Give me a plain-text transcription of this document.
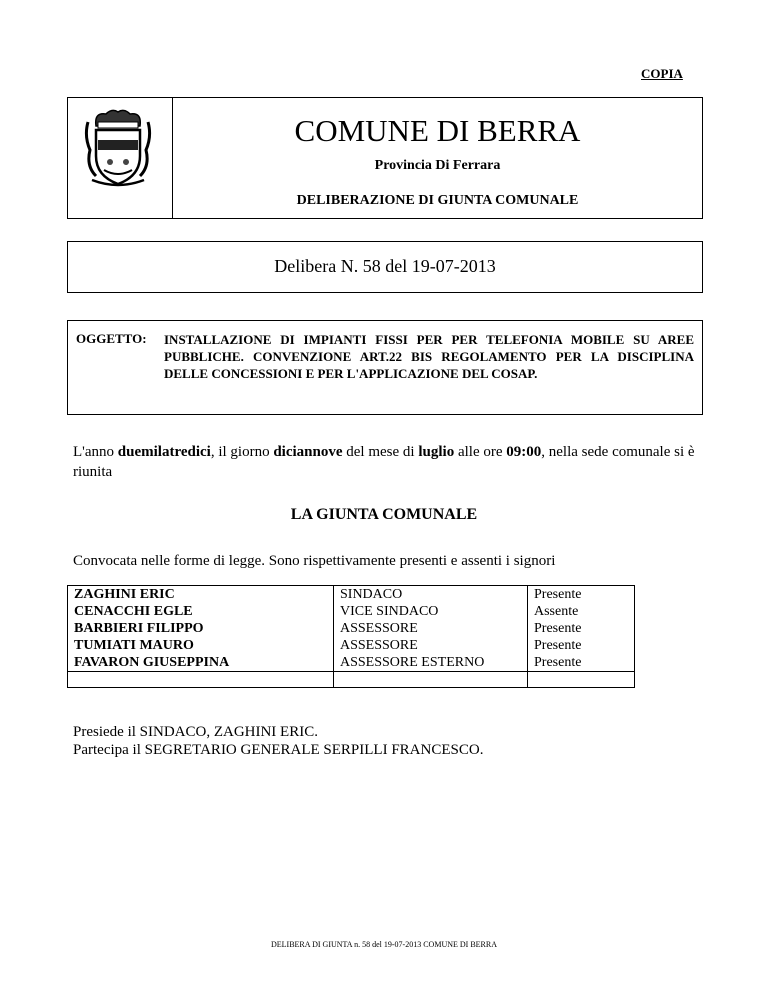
COPIA
COMUNE DI BERRA
Provincia Di Ferrara
DELIBERAZIONE DI GIUNTA COMUNALE
Delibera N. 58 del 19-07-2013
OGGETTO: INSTALLAZIONE DI IMPIANTI FISSI PER PER TELEFONIA MOBILE SU AREE PUBBLICHE. CONVENZIONE ART.22 BIS REGOLAMENTO PER LA DISCIPLINA DELLE CONCESSIONI E PER L'APPLICAZIONE DEL COSAP.
L'anno duemilatredici, il giorno diciannove del mese di luglio alle ore 09:00, nella sede comunale si è riunita
LA GIUNTA COMUNALE
Convocata nelle forme di legge. Sono rispettivamente presenti e assenti i signori
ZAGHINI ERIC	SINDACO	Presente
CENACCHI EGLE	VICE SINDACO	Assente
BARBIERI FILIPPO	ASSESSORE	Presente
TUMIATI MAURO	ASSESSORE	Presente
FAVARON GIUSEPPINA	ASSESSORE ESTERNO	Presente

Presiede il SINDACO, ZAGHINI ERIC.
Partecipa il SEGRETARIO GENERALE SERPILLI FRANCESCO.
DELIBERA DI GIUNTA n. 58 del 19-07-2013 COMUNE DI BERRA
